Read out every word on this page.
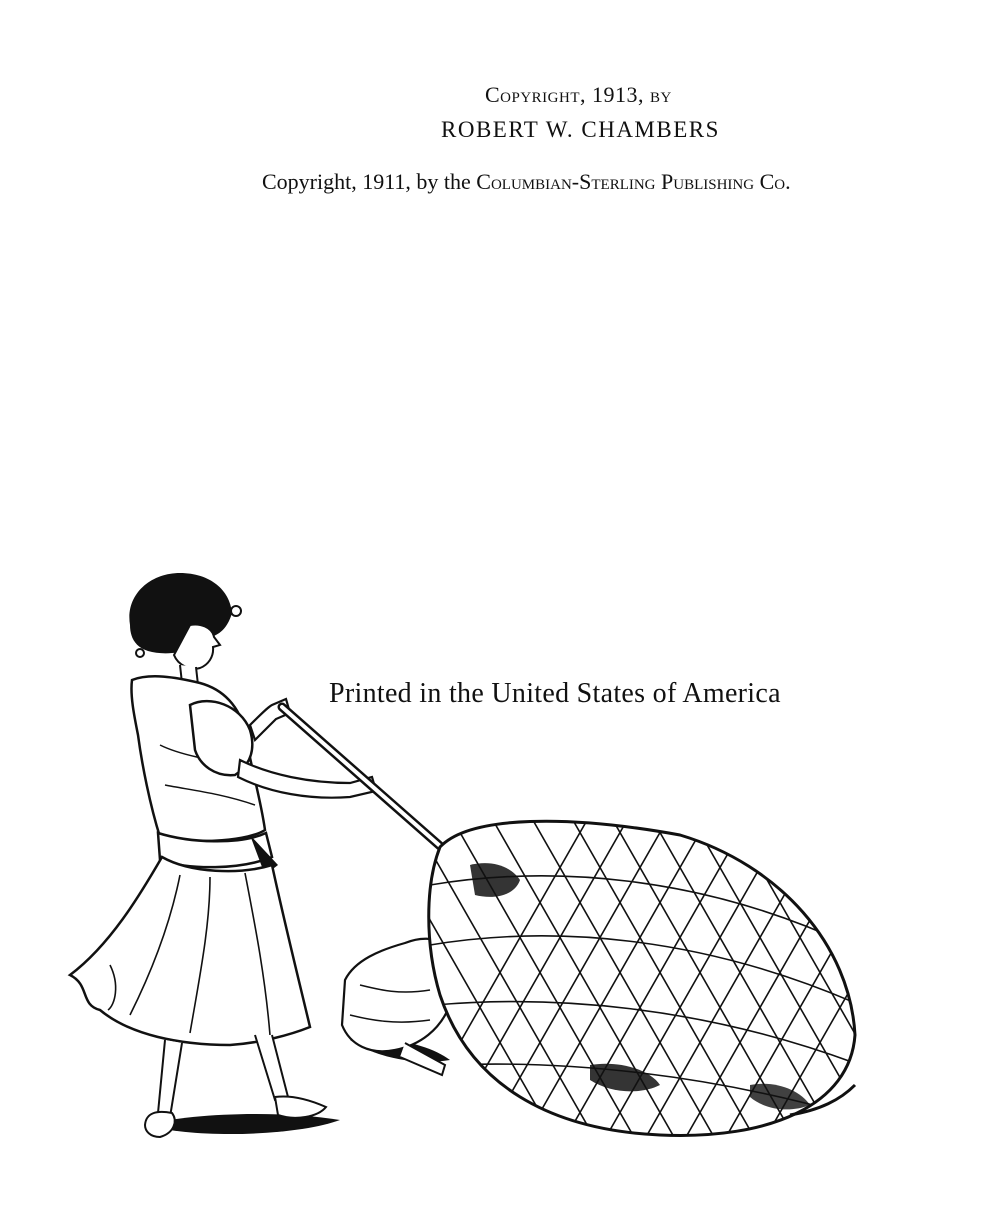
Copyright, 1913, by
ROBERT W. CHAMBERS
Copyright, 1911, by the Columbian-Sterling Publishing Co.
Printed in the United States of America
